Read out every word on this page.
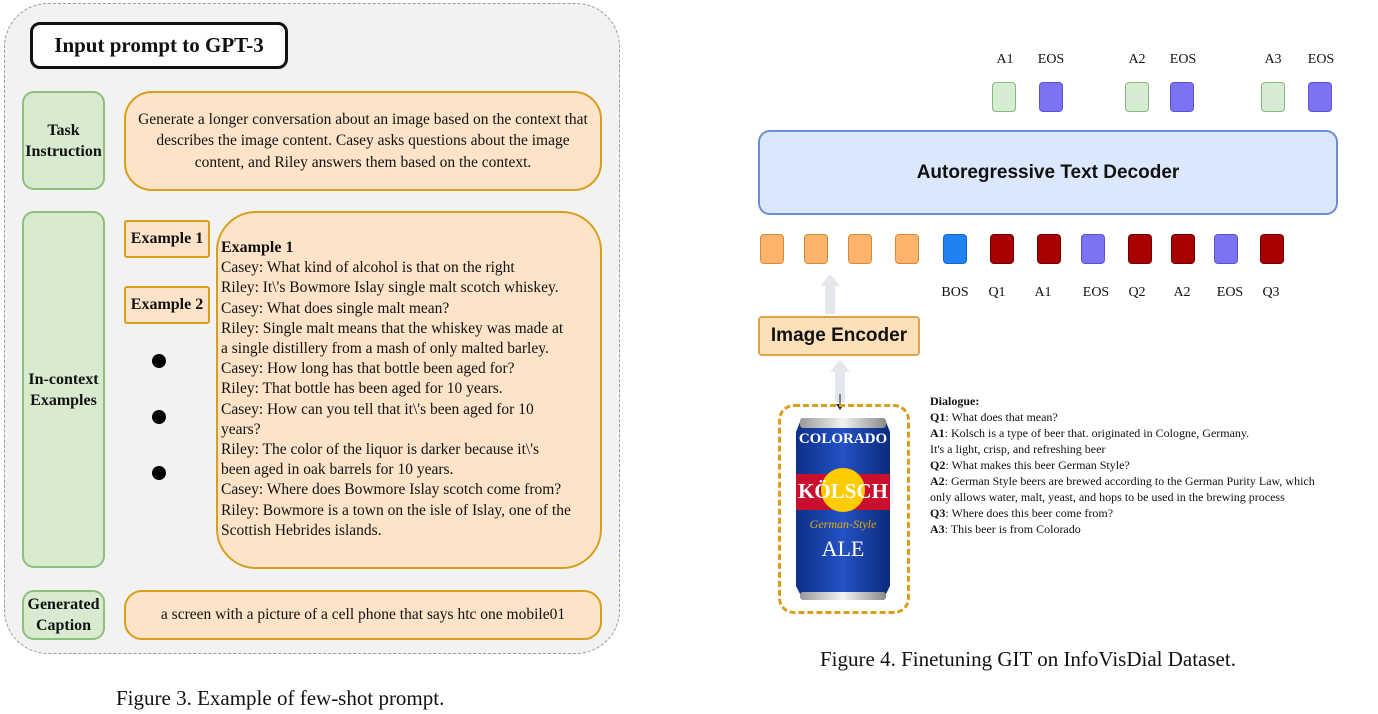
Input prompt to GPT-3
Task Instruction
Generate a longer conversation about an image based on the context that describes the image content. Casey asks questions about the image content, and Riley answers them based on the context.
In-context Examples
Example 1
Example 2
Example 1
Casey: What kind of alcohol is that on the right
Riley: It\'s Bowmore Islay single malt scotch whiskey.
Casey: What does single malt mean?
Riley: Single malt means that the whiskey was made at
a single distillery from a mash of only malted barley.
Casey: How long has that bottle been aged for?
Riley: That bottle has been aged for 10 years.
Casey: How can you tell that it\'s been aged for 10
years?
Riley: The color of the liquor is darker because it\'s
been aged in oak barrels for 10 years.
Casey: Where does Bowmore Islay scotch come from?
Riley: Bowmore is a town on the isle of Islay, one of the
Scottish Hebrides islands.
Generated Caption
a screen with a picture of a cell phone that says htc one mobile01
Figure 3. Example of few-shot prompt.
A1	EOS	A2	EOS	A3	EOS
Autoregressive Text Decoder
BOS	Q1	A1	EOS	Q2	A2	EOS	Q3
Image Encoder
COLORADO
KÖLSCH
German-Style
ALE
Dialogue:
Q1: What does that mean?
A1: Kolsch is a type of beer that. originated in Cologne, Germany.
It's a light, crisp, and refreshing beer
Q2: What makes this beer German Style?
A2: German Style beers are brewed according to the German Purity Law, which
only allows water, malt, yeast, and hops to be used in the brewing process
Q3: Where does this beer come from?
A3: This beer is from Colorado
Figure 4. Finetuning GIT on InfoVisDial Dataset.
